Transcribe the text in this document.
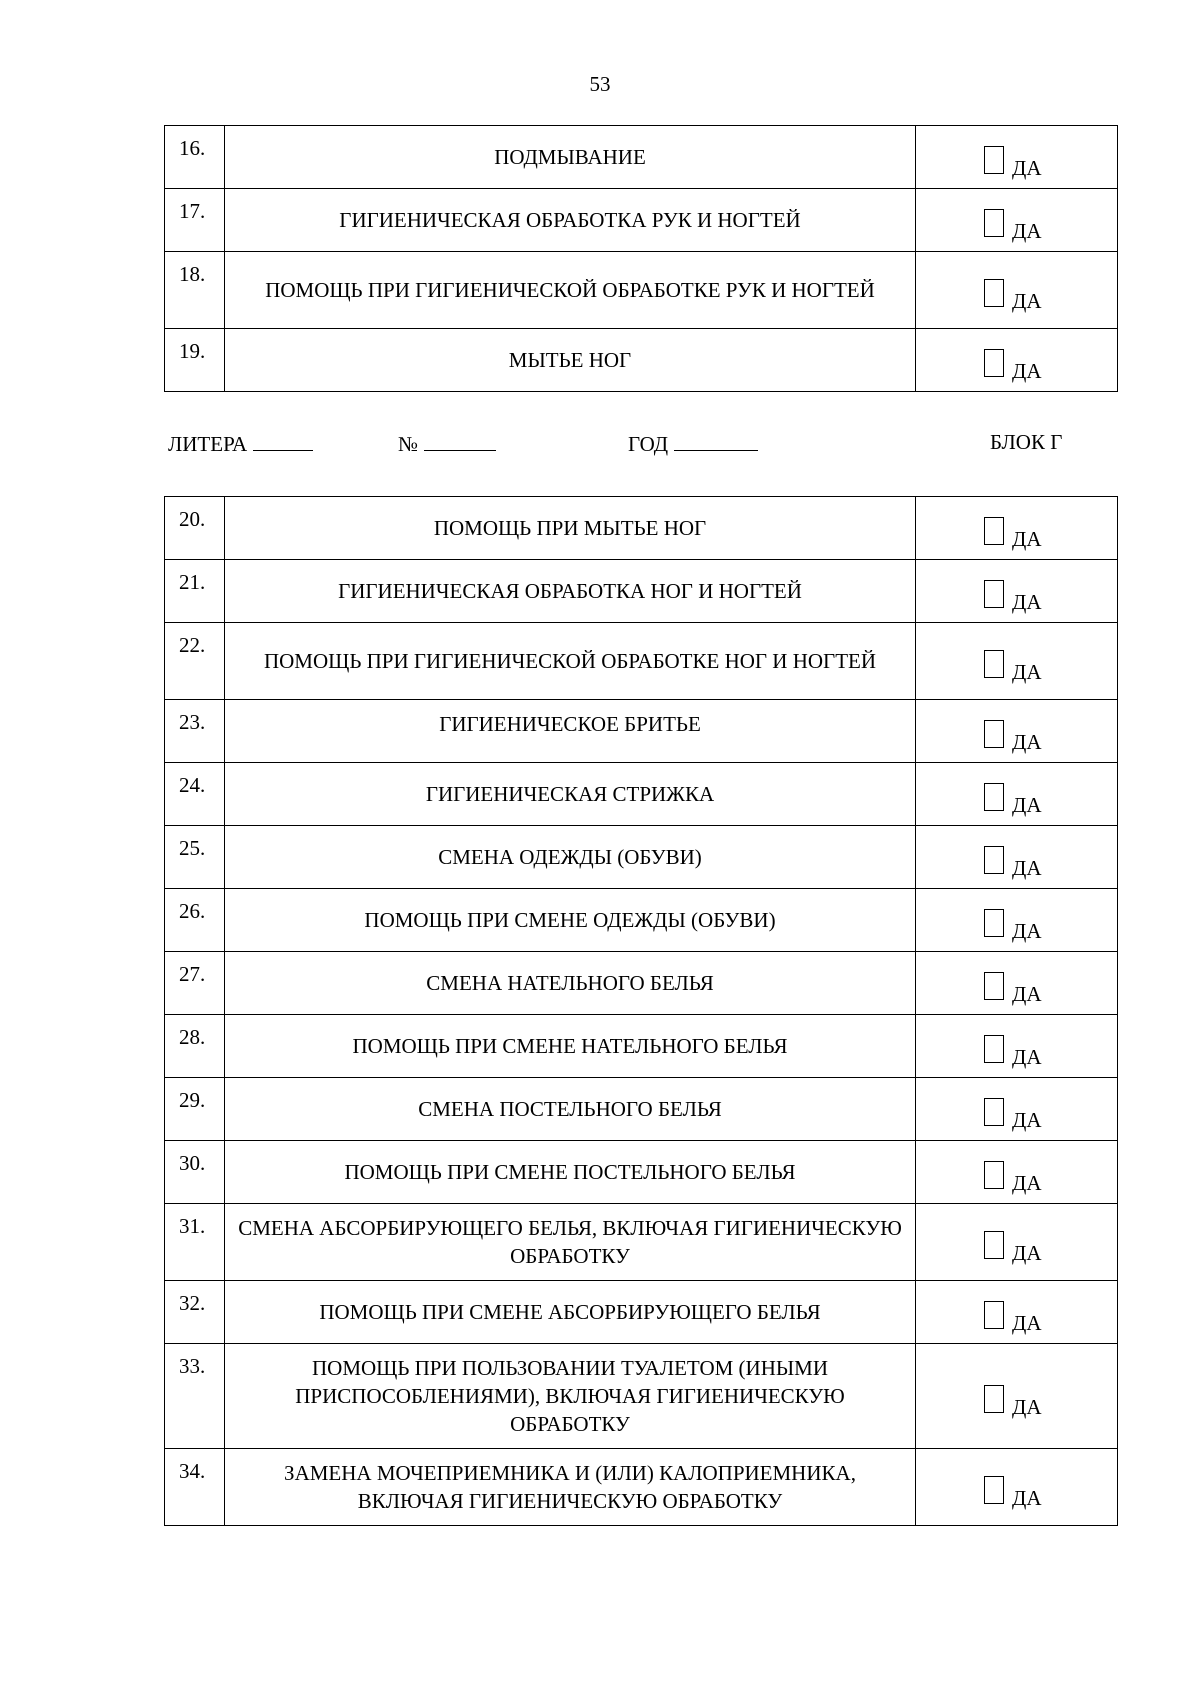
53
16.	ПОДМЫВАНИЕ	ДА

17.	ГИГИЕНИЧЕСКАЯ ОБРАБОТКА РУК И НОГТЕЙ	ДА

18.	ПОМОЩЬ ПРИ ГИГИЕНИЧЕСКОЙ ОБРАБОТКЕ РУК И НОГТЕЙ	ДА

19.	МЫТЬЕ НОГ	ДА
ЛИТЕРА	№	ГОД	БЛОК Г
20.	ПОМОЩЬ ПРИ МЫТЬЕ НОГ	ДА

21.	ГИГИЕНИЧЕСКАЯ ОБРАБОТКА НОГ И НОГТЕЙ	ДА

22.	ПОМОЩЬ ПРИ ГИГИЕНИЧЕСКОЙ ОБРАБОТКЕ НОГ И НОГТЕЙ	ДА

23.	ГИГИЕНИЧЕСКОЕ БРИТЬЕ	ДА

24.	ГИГИЕНИЧЕСКАЯ СТРИЖКА	ДА

25.	СМЕНА ОДЕЖДЫ (ОБУВИ)	ДА

26.	ПОМОЩЬ ПРИ СМЕНЕ ОДЕЖДЫ (ОБУВИ)	ДА

27.	СМЕНА НАТЕЛЬНОГО БЕЛЬЯ	ДА

28.	ПОМОЩЬ ПРИ СМЕНЕ НАТЕЛЬНОГО БЕЛЬЯ	ДА

29.	СМЕНА ПОСТЕЛЬНОГО БЕЛЬЯ	ДА

30.	ПОМОЩЬ ПРИ СМЕНЕ ПОСТЕЛЬНОГО БЕЛЬЯ	ДА

31.	СМЕНА АБСОРБИРУЮЩЕГО БЕЛЬЯ, ВКЛЮЧАЯ ГИГИЕНИЧЕСКУЮ ОБРАБОТКУ	ДА

32.	ПОМОЩЬ ПРИ СМЕНЕ АБСОРБИРУЮЩЕГО БЕЛЬЯ	ДА

33.	ПОМОЩЬ ПРИ ПОЛЬЗОВАНИИ ТУАЛЕТОМ (ИНЫМИ ПРИСПОСОБЛЕНИЯМИ), ВКЛЮЧАЯ ГИГИЕНИЧЕСКУЮ ОБРАБОТКУ	ДА

34.	ЗАМЕНА МОЧЕПРИЕМНИКА И (ИЛИ) КАЛОПРИЕМНИКА, ВКЛЮЧАЯ ГИГИЕНИЧЕСКУЮ ОБРАБОТКУ	ДА
